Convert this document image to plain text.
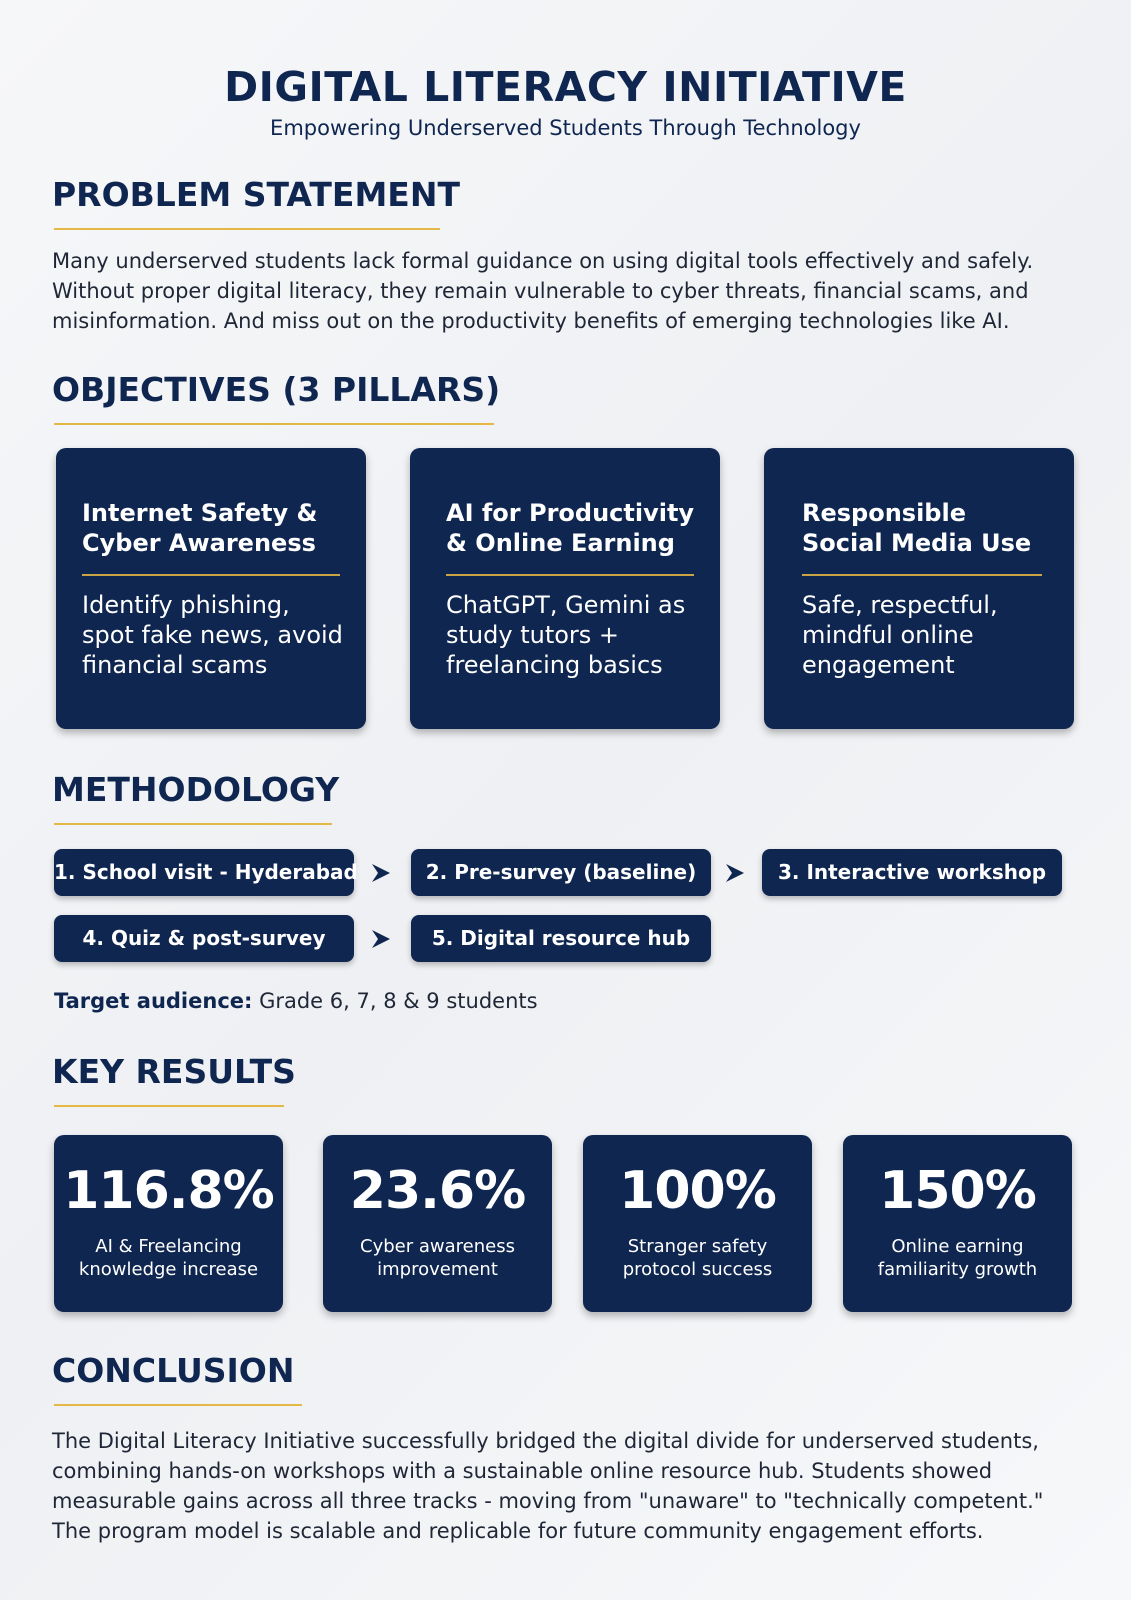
DIGITAL LITERACY INITIATIVE
Empowering Underserved Students Through Technology
PROBLEM STATEMENT
Many underserved students lack formal guidance on using digital tools effectively and safely. Without proper digital literacy, they remain vulnerable to cyber threats, financial scams, and misinformation. And miss out on the productivity benefits of emerging technologies like AI.
OBJECTIVES (3 PILLARS)
Internet Safety & Cyber Awareness
Identify phishing, spot fake news, avoid financial scams
AI for Productivity & Online Earning
ChatGPT, Gemini as study tutors + freelancing basics
Responsible Social Media Use
Safe, respectful, mindful online engagement
METHODOLOGY
1. School visit - Hyderabad	2. Pre-survey (baseline)	3. Interactive workshop
4. Quiz & post-survey	5. Digital resource hub
Target audience: Grade 6, 7, 8 & 9 students
KEY RESULTS
116.8%
AI & Freelancing knowledge increase
23.6%
Cyber awareness improvement
100%
Stranger safety protocol success
150%
Online earning familiarity growth
CONCLUSION
The Digital Literacy Initiative successfully bridged the digital divide for underserved students, combining hands-on workshops with a sustainable online resource hub. Students showed measurable gains across all three tracks - moving from "unaware" to "technically competent." The program model is scalable and replicable for future community engagement efforts.
